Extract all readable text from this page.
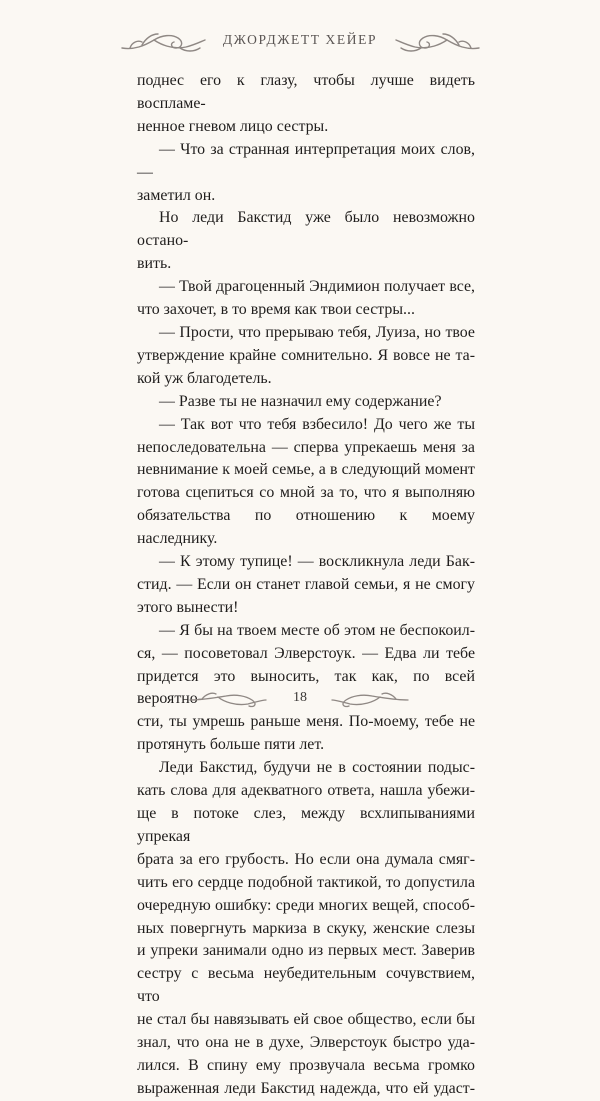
ДЖОРДЖЕТТ ХЕЙЕР

поднес его к глазу, чтобы лучше видеть воспламе-

ненное гневом лицо сестры.

— Что за странная интерпретация моих слов, —

заметил он.

Но леди Бакстид уже было невозможно остано-

вить.

— Твой драгоценный Эндимион получает все,

что захочет, в то время как твои сестры...

— Прости, что прерываю тебя, Луиза, но твое

утверждение крайне сомнительно. Я вовсе не та-

кой уж благодетель.

— Разве ты не назначил ему содержание?

— Так вот что тебя взбесило! До чего же ты

непоследовательна — сперва упрекаешь меня за

невнимание к моей семье, а в следующий момент

готова сцепиться со мной за то, что я выполняю

обязательства по отношению к моему наследнику.

— К этому тупице! — воскликнула леди Бак-

стид. — Если он станет главой семьи, я не смогу

этого вынести!

— Я бы на твоем месте об этом не беспокоил-

ся, — посоветовал Элверстоук. — Едва ли тебе

придется это выносить, так как, по всей вероятно-

сти, ты умрешь раньше меня. По-моему, тебе не

протянуть больше пяти лет.

Леди Бакстид, будучи не в состоянии подыс-

кать слова для адекватного ответа, нашла убежи-

ще в потоке слез, между всхлипываниями упрекая

брата за его грубость. Но если она думала смяг-

чить его сердце подобной тактикой, то допустила

очередную ошибку: среди многих вещей, способ-

ных повергнуть маркиза в скуку, женские слезы

и упреки занимали одно из первых мест. Заверив

сестру с весьма неубедительным сочувствием, что

не стал бы навязывать ей свое общество, если бы

знал, что она не в духе, Элверстоук быстро уда-

лился. В спину ему прозвучала весьма громко

выраженная леди Бакстид надежда, что ей удаст-

18
